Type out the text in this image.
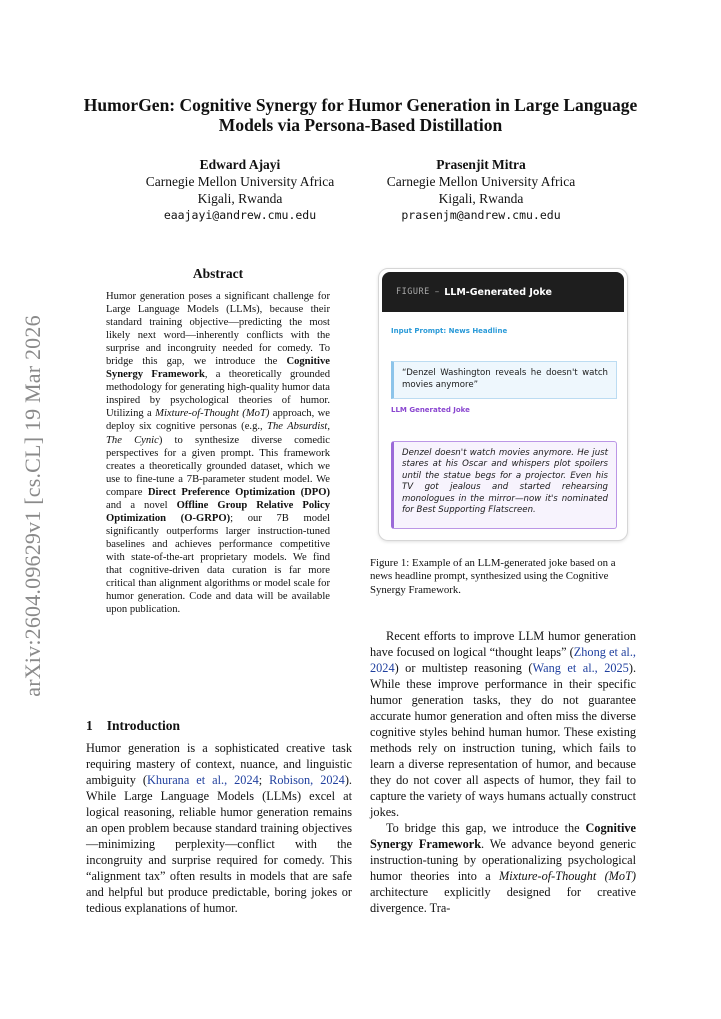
arXiv:2604.09629v1 [cs.CL] 19 Mar 2026
HumorGen: Cognitive Synergy for Humor Generation in Large Language Models via Persona-Based Distillation
Edward Ajayi
Carnegie Mellon University Africa
Kigali, Rwanda
eaajayi@andrew.cmu.edu
Prasenjit Mitra
Carnegie Mellon University Africa
Kigali, Rwanda
prasenjm@andrew.cmu.edu
Abstract
Humor generation poses a significant challenge for Large Language Models (LLMs), because their standard training objective—predicting the most likely next word—inherently conflicts with the surprise and incongruity needed for comedy. To bridge this gap, we introduce the Cognitive Synergy Framework, a theoretically grounded methodology for generating high-quality humor data inspired by psychological theories of humor. Utilizing a Mixture-of-Thought (MoT) approach, we deploy six cognitive personas (e.g., The Absurdist, The Cynic) to synthesize diverse comedic perspectives for a given prompt. This framework creates a theoretically grounded dataset, which we use to fine-tune a 7B-parameter student model. We compare Direct Preference Optimization (DPO) and a novel Offline Group Relative Policy Optimization (O-GRPO); our 7B model significantly outperforms larger instruction-tuned baselines and achieves performance competitive with state-of-the-art proprietary models. We find that cognitive-driven data curation is far more critical than alignment algorithms or model scale for humor generation. Code and data will be available upon publication.
1 Introduction
Humor generation is a sophisticated creative task requiring mastery of context, nuance, and linguistic ambiguity (Khurana et al., 2024; Robison, 2024). While Large Language Models (LLMs) excel at logical reasoning, reliable humor generation remains an open problem because standard training objectives—minimizing perplexity—conflict with the incongruity and surprise required for comedy. This “alignment tax” often results in models that are safe and helpful but produce predictable, boring jokes or tedious explanations of humor.
FIGURE – LLM-Generated Joke
Input Prompt: News Headline
“Denzel Washington reveals he doesn't watch movies anymore”
LLM Generated Joke
Denzel doesn't watch movies anymore. He just stares at his Oscar and whispers plot spoilers until the statue begs for a projector. Even his TV got jealous and started rehearsing monologues in the mirror—now it's nominated for Best Supporting Flatscreen.
Figure 1: Example of an LLM-generated joke based on a news headline prompt, synthesized using the Cognitive Synergy Framework.

Recent efforts to improve LLM humor generation have focused on logical “thought leaps” (Zhong et al., 2024) or multistep reasoning (Wang et al., 2025). While these improve performance in their specific humor generation tasks, they do not guarantee accurate humor generation and often miss the diverse cognitive styles behind human humor. These existing methods rely on instruction tuning, which fails to learn a diverse representation of humor, and because they do not cover all aspects of humor, they fail to capture the variety of ways humans actually construct jokes.

To bridge this gap, we introduce the Cognitive Synergy Framework. We advance beyond generic instruction-tuning by operationalizing psychological humor theories into a Mixture-of-Thought (MoT) architecture explicitly designed for creative divergence. Tra-
